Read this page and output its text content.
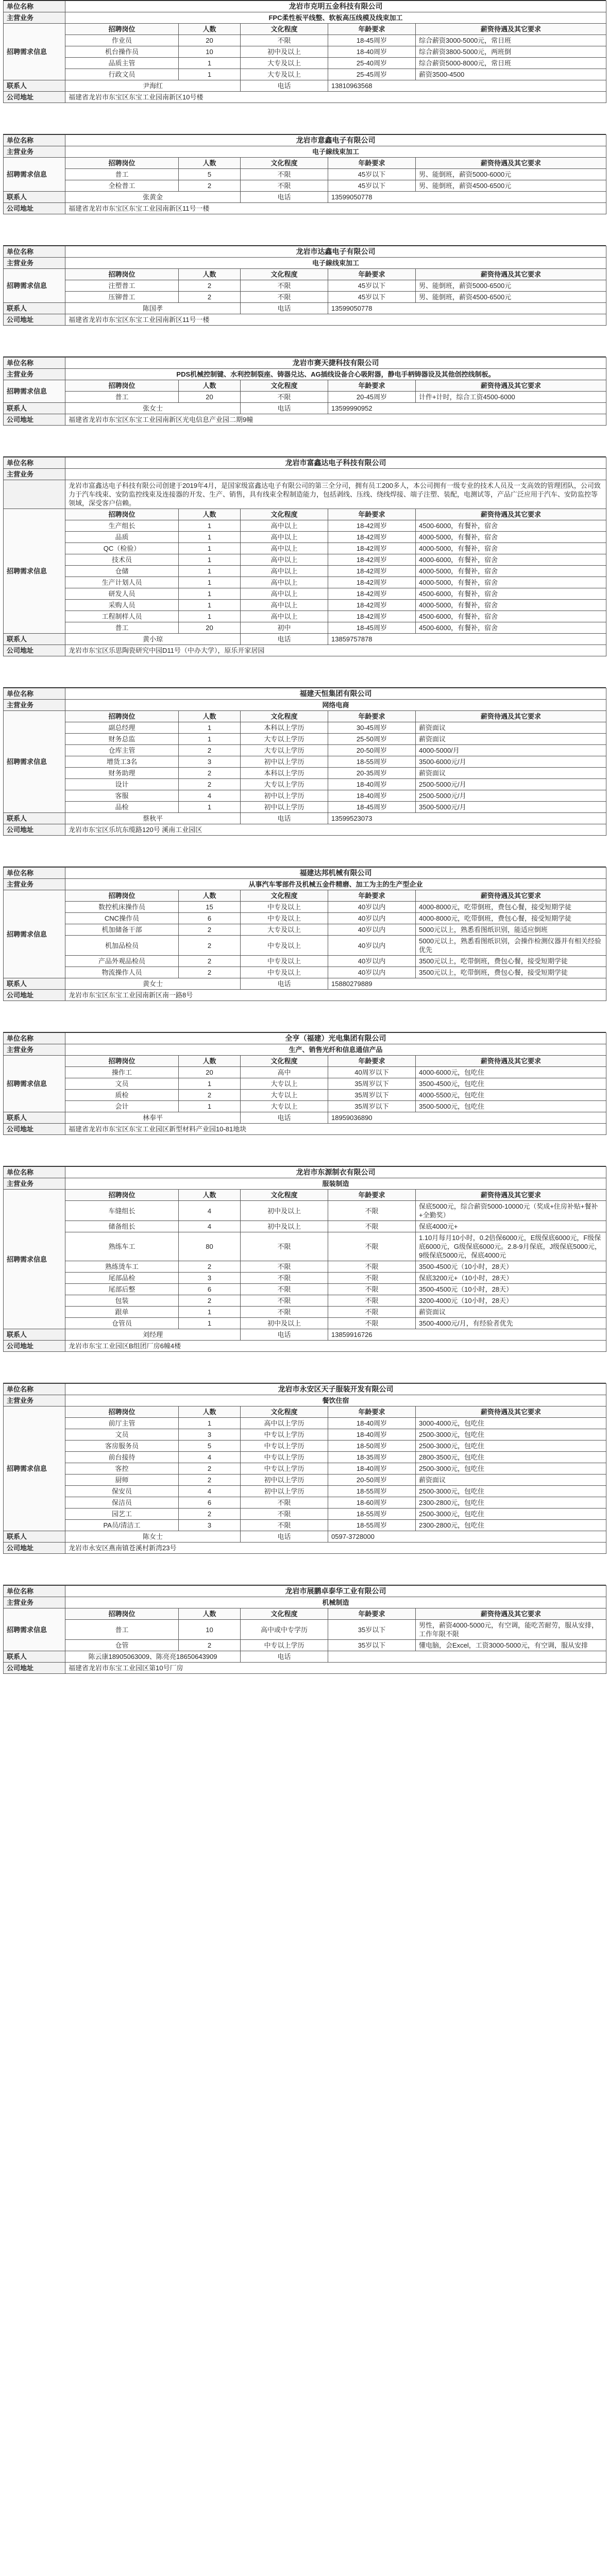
单位名称	龙岩市克明五金科技有限公司				
主营业务	FPC柔性板平线整、软板高压线模及线束加工				
招聘需求信息	招聘岗位	人数	文化程度	年龄要求	薪资待遇及其它要求
	作业员	20	不限	18-45周岁	综合薪资3000-5000元，常日班
	机台操作员	10	初中及以上	18-40周岁	综合薪资3800-5000元，两班倒
	品质主管	1	大专及以上	25-40周岁	综合薪资5000-8000元，常日班
	行政文员	1	大专及以上	25-45周岁	薪资3500-4500
联系人	尹海红		电话	13810963568	
公司地址	福建省龙岩市东宝区东宝工业园南新区10号楼				
单位名称	龙岩市意鑫电子有限公司				
主营业务	电子線线束加工				
招聘需求信息	招聘岗位	人数	文化程度	年龄要求	薪资待遇及其它要求
	普工	5	不限	45岁以下	男、能倒班，薪资5000-6000元
	全检普工	2	不限	45岁以下	男、能倒班，薪资4500-6500元
联系人	张黄金		电话	13599050778	
公司地址	福建省龙岩市东宝区东宝工业园南新区11号一楼				
单位名称	龙岩市达鑫电子有限公司				
主营业务	电子線线束加工				
招聘需求信息	招聘岗位	人数	文化程度	年龄要求	薪资待遇及其它要求
	注塑普工	2	不限	45岁以下	男、能倒班，薪资5000-6500元
	压铆普工	2	不限	45岁以下	男、能倒班，薪资4500-6500元
联系人	陈国孝		电话	13599050778	
公司地址	福建省龙岩市东宝区东宝工业园南新区11号一楼				
单位名称	龙岩市赛天捷科技有限公司				
主营业务	PDS机械控制键、水利控制裂座、铸器兑达、AG插线设备合心吸附器，静电手柄铸器设及其他创控线制板。				
招聘需求信息	招聘岗位	人数	文化程度	年龄要求	薪资待遇及其它要求
	普工	20	不限	20-45周岁	计件+计时，综合工资4500-6000
联系人	张女士		电话	13599990952	
公司地址	福建省龙岩市东宝区东宝工业园南新区光电信息产业园二期9幢				
单位名称	龙岩市富鑫达电子科技有限公司				
主营业务					
	龙岩市富鑫达电子科技有限公司创建于2019年4月，是国家级富鑫达电子有限公司的第三全分司，拥有员工200多人，本公司拥有一级专业的技术人员及一支高效的管理团队，公司致力于汽车线束、安防监控线束及连接器的开发、生产、销售，具有线束全程制造能力，包括剥线、压线、绕线焊接、端子注塑、装配，电测试等，产品广泛应用于汽车、安防监控等领域，深受客户信赖。				
招聘需求信息	招聘岗位	人数	文化程度	年龄要求	薪资待遇及其它要求
	生产组长	1	高中以上	18-42周岁	4500-6000，有餐补，宿舍
	品质	1	高中以上	18-42周岁	4000-5000，有餐补，宿舍
	QC（检验）	1	高中以上	18-42周岁	4000-5000，有餐补，宿舍
	技术员	1	高中以上	18-42周岁	4000-6000，有餐补，宿舍
	仓储	1	高中以上	18-42周岁	4000-5000，有餐补，宿舍
	生产计划人员	1	高中以上	18-42周岁	4000-5000，有餐补，宿舍
	研发人员	1	高中以上	18-42周岁	4500-6000，有餐补，宿舍
	采购人员	1	高中以上	18-42周岁	4000-5000，有餐补，宿舍
	工程制样人员	1	高中以上	18-42周岁	4500-6000，有餐补，宿舍
	普工	20	初中	18-45周岁	4500-6000，有餐补，宿舍
联系人	黄小琼		电话	13859757878	
公司地址	龙岩市东宝区乐思陶瓷研究中园D11号（中办大学），原乐开家居园				
单位名称	福建天恒集团有限公司				
主营业务	网络电商				
招聘需求信息	招聘岗位	人数	文化程度	年龄要求	薪资待遇及其它要求
	副总经理	1	本科以上学历	30-45周岁	薪资面议
	财务总监	1	大专以上学历	25-50周岁	薪资面议
	仓库主管	2	大专以上学历	20-50周岁	4000-5000/月
	增货工3名	3	初中以上学历	18-55周岁	3500-6000元/月
	财务助理	2	本科以上学历	20-35周岁	薪资面议
	设计	2	大专以上学历	18-40周岁	2500-5000元/月
	客服	4	初中以上学历	18-40周岁	2500-5000元/月
	品检	1	初中以上学历	18-45周岁	3500-5000元/月
联系人	蔡秋平		电话	13599523073	
公司地址	龙岩市东宝区乐坑东缆路120号 溪南工业园区				
单位名称	福建达邦机械有限公司				
主营业务	从事汽车零部件及机械五金件精磨、加工为主的生产型企业				
招聘需求信息	招聘岗位	人数	文化程度	年龄要求	薪资待遇及其它要求
	数控机床操作员	15	中专及以上	40岁以内	4000-8000元，吃带倒班，费包心餐，接受短期学徒
	CNC操作员	6	中专及以上	40岁以内	4000-8000元，吃带倒班，费包心餐，接受短期学徒
	机加储备干部	2	大专及以上	40岁以内	5000元以上，熟悉看图纸识别，能适应倒班
	机加品检员	2	中专及以上	40岁以内	5000元以上，熟悉看图纸识别，会操作检测仪器并有相关经验优先
	产品外观品检员	2	中专及以上	40岁以内	3500元以上，吃带倒班，费包心餐，接受短期学徒
	物流操作人员	2	中专及以上	40岁以内	3500元以上，吃带倒班，费包心餐，接受短期学徒
联系人	黄女士		电话	15880279889	
公司地址	龙岩市东宝区东宝工业园南新区南一路8号				
单位名称	全亨（福建）光电集团有限公司				
主营业务	生产、销售光纤和信息通信产品				
招聘需求信息	招聘岗位	人数	文化程度	年龄要求	薪资待遇及其它要求
	操作工	20	高中	40周岁以下	4000-6000元，包吃住
	文员	1	大专以上	35周岁以下	3500-4500元，包吃住
	质检	2	大专以上	35周岁以下	4000-5500元，包吃住
	会计	1	大专以上	35周岁以下	3500-5000元，包吃住
联系人	林奉平		电话	18959036890	
公司地址	福建省龙岩市东宝区东宝工业园区新型材料产业园10-81地块				
单位名称	龙岩市东源制衣有限公司				
主营业务	服装制造				
招聘需求信息	招聘岗位	人数	文化程度	年龄要求	薪资待遇及其它要求
	车缝组长	4	初中及以上	不限	保底5000元，综合薪资5000-10000元（奖成+住房补贴+餐补+全勤奖）
	储备组长	4	初中及以上	不限	保底4000元+
	熟练车工	80	不限	不限	1.10月每月10小时，0.2倍保6000元，E级保底6000元，F级保底6000元，G级保底6000元。2.8-9月保底，J级保底5000元，9级保底5000元，保底4000元
	熟练烫车工	2	不限	不限	3500-4500元（10小时，28天）
	尾部品检	3	不限	不限	保底3200元+（10小时，28天）
	尾部后整	6	不限	不限	3500-4500元（10小时，28天）
	包装	2	不限	不限	3200-4000元（10小时，28天）
	跟单	1	不限	不限	薪资面议
	仓管员	1	初中及以上	不限	3500-4000元/月，有经验者优先
联系人	刘经理		电话	13859916726	
公司地址	龙岩市东宝工业园区B组团厂房6幢4楼				
单位名称	龙岩市永安区天子服装开发有限公司				
主营业务	餐饮住宿				
招聘需求信息	招聘岗位	人数	文化程度	年龄要求	薪资待遇及其它要求
	前厅主管	1	高中以上学历	18-40周岁	3000-4000元，包吃住
	文员	3	中专以上学历	18-40周岁	2500-3000元，包吃住
	客房服务员	5	中专以上学历	18-50周岁	2500-3000元，包吃住
	前台接待	4	中专以上学历	18-35周岁	2800-3500元，包吃住
	客控	2	中专以上学历	18-40周岁	2500-3000元，包吃住
	厨师	2	初中以上学历	20-50周岁	薪资面议
	保安员	4	初中以上学历	18-55周岁	2500-3000元，包吃住
	保洁员	6	不限	18-60周岁	2300-2800元，包吃住
	园艺工	2	不限	18-55周岁	2500-3000元，包吃住
	PA员/清洁工	3	不限	18-55周岁	2300-2800元，包吃住
联系人	陈女士		电话	0597-3728000	
公司地址	龙岩市永安区燕南镇苍溪村新湾23号				
单位名称	龙岩市展鹏卓泰华工业有限公司				
主营业务	机械制造				
招聘需求信息	招聘岗位	人数	文化程度	年龄要求	薪资待遇及其它要求
	普工	10	高中或中专学历	35岁以下	男性，薪资4000-5000元，有空调，能吃苦耐劳，服从安排，工作年限不限
	仓管	2	中专以上学历	35岁以下	懂电脑，会Excel，工资3000-5000元，有空调，服从安排
联系人	陈云康18905063009、陈亮亮18650643909		电话		
公司地址	福建省龙岩市东宝工业园区第10号厂房				
